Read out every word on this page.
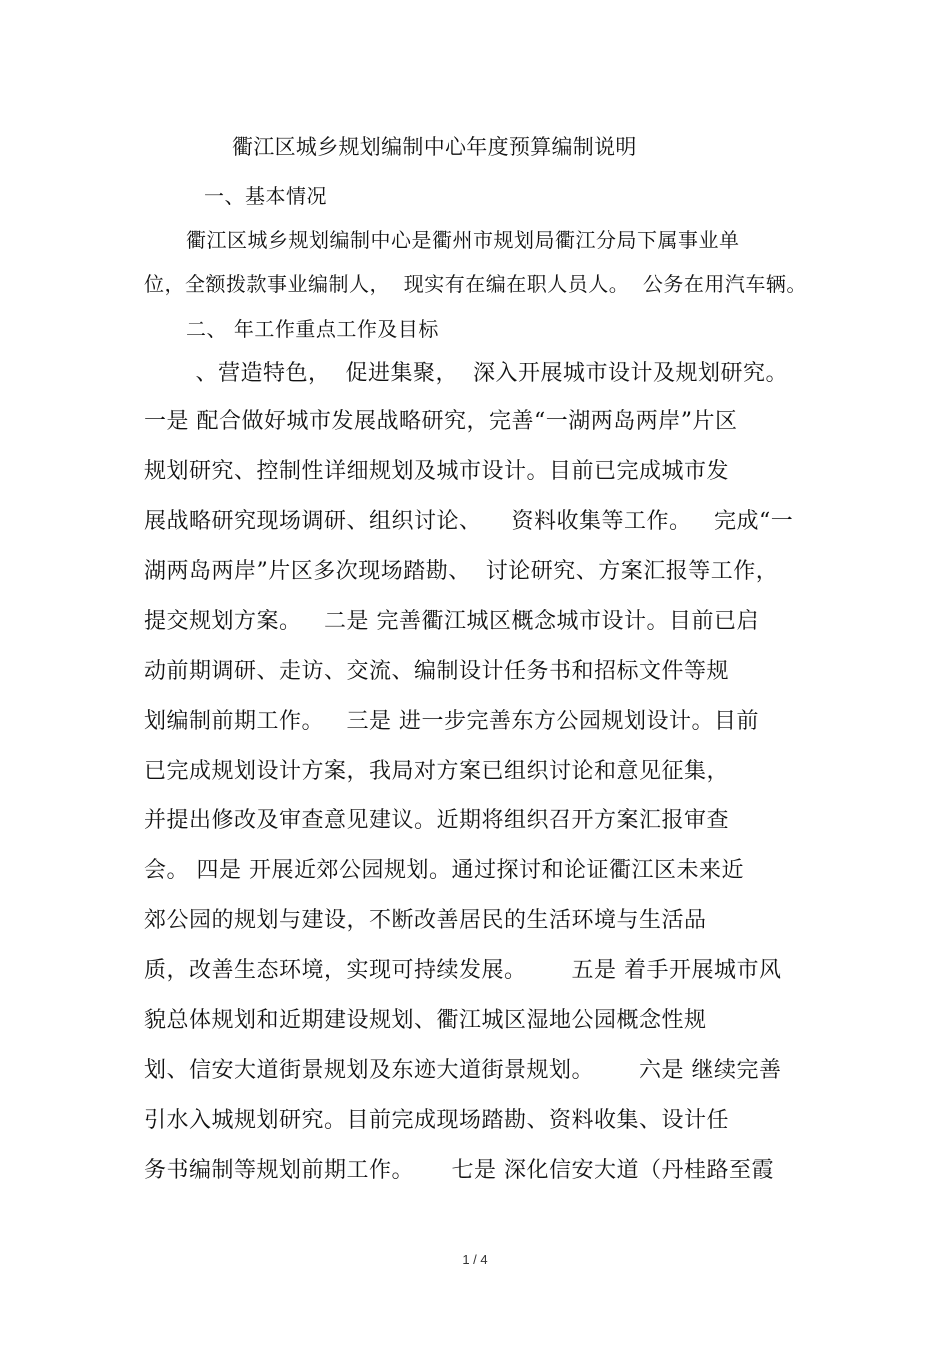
衢江区城乡规划编制中心年度预算编制说明
一、基本情况
衢江区城乡规划编制中心是衢州市规划局衢江分局下属事业单
位，全额拨款事业编制人，  现实有在编在职人员人。  公务在用汽车辆。
二、 年工作重点工作及目标
、营造特色，  促进集聚，  深入开展城市设计及规划研究。
一是 配合做好城市发展战略研究，完善“一湖两岛两岸”片区
规划研究、控制性详细规划及城市设计。目前已完成城市发
展战略研究现场调研、组织讨论、    资料收集等工作。   完成“一
湖两岛两岸”片区多次现场踏勘、  讨论研究、方案汇报等工作，
提交规划方案。   二是 完善衢江城区概念城市设计。目前已启
动前期调研、走访、交流、编制设计任务书和招标文件等规
划编制前期工作。   三是 进一步完善东方公园规划设计。目前
已完成规划设计方案，我局对方案已组织讨论和意见征集，
并提出修改及审查意见建议。近期将组织召开方案汇报审查
会。 四是 开展近郊公园规划。通过探讨和论证衢江区未来近
郊公园的规划与建设，不断改善居民的生活环境与生活品
质，改善生态环境，实现可持续发展。      五是 着手开展城市风
貌总体规划和近期建设规划、衢江城区湿地公园概念性规
划、信安大道街景规划及东迹大道街景规划。      六是 继续完善
引水入城规划研究。目前完成现场踏勘、资料收集、设计任
务书编制等规划前期工作。     七是 深化信安大道（丹桂路至霞
1 / 4
